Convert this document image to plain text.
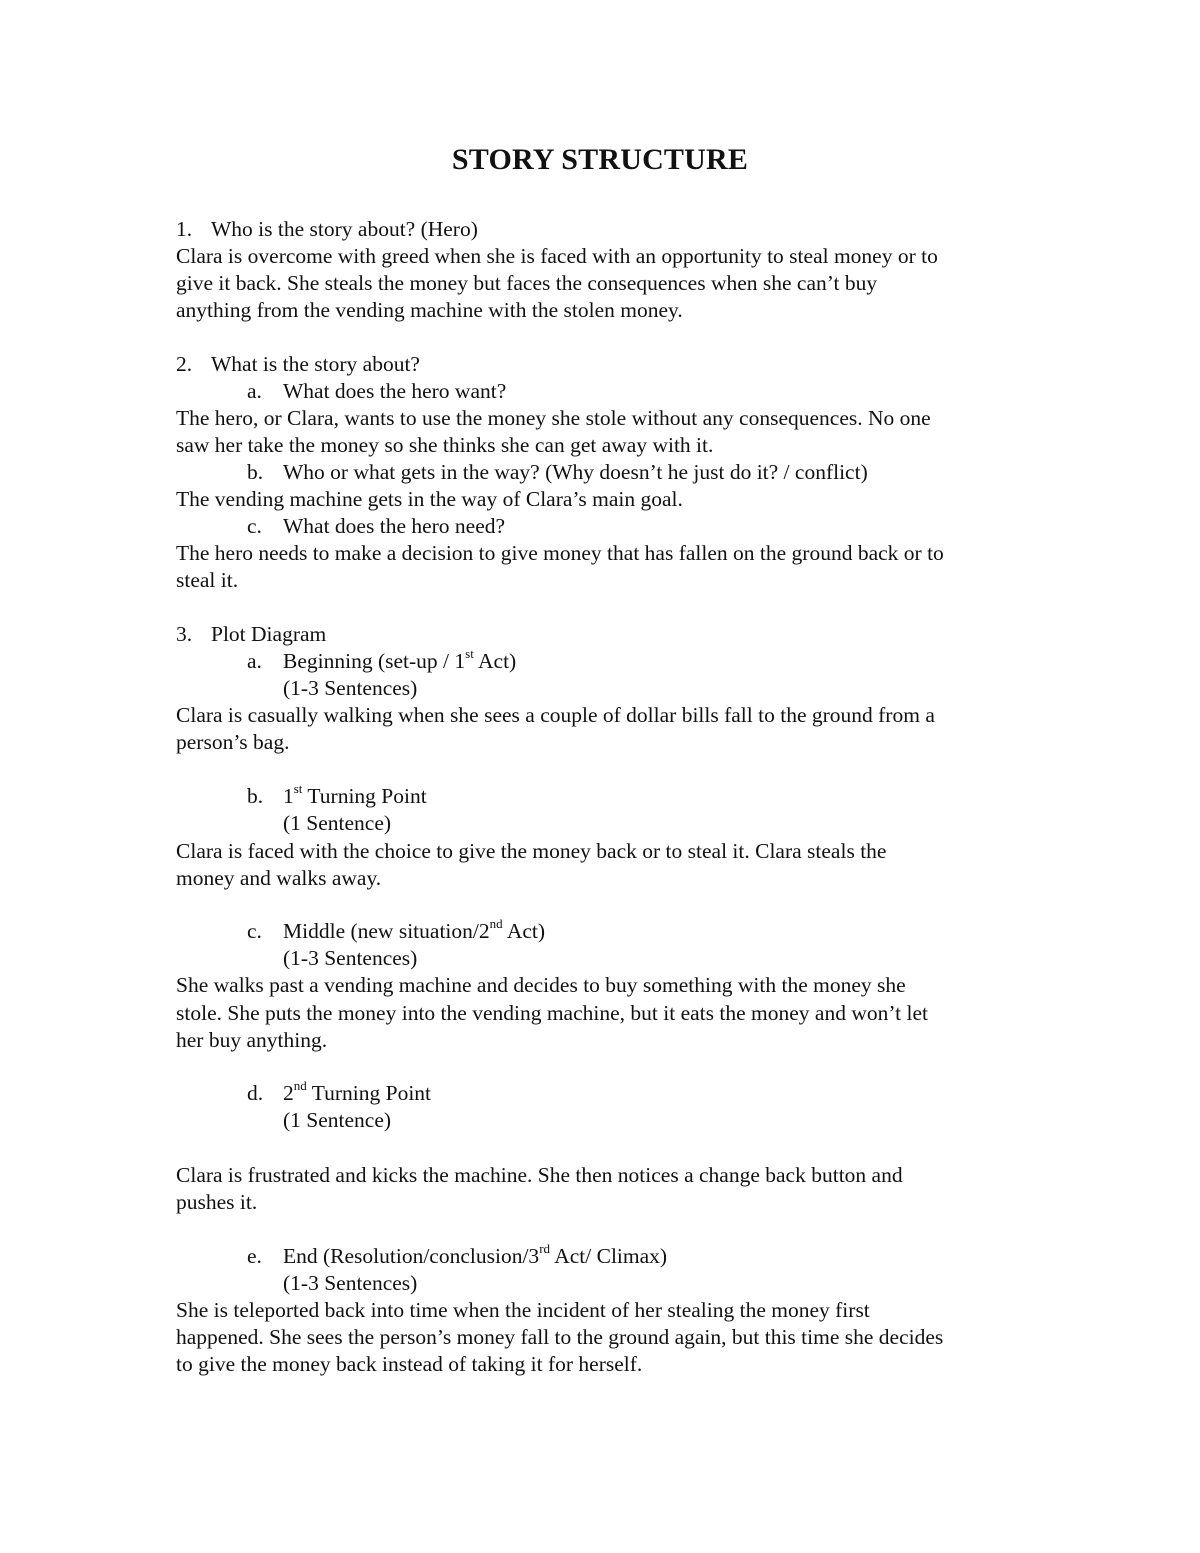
STORY STRUCTURE
1. Who is the story about? (Hero)
Clara is overcome with greed when she is faced with an opportunity to steal money or to
give it back. She steals the money but faces the consequences when she can’t buy
anything from the vending machine with the stolen money.
2. What is the story about?
a. What does the hero want?
The hero, or Clara, wants to use the money she stole without any consequences. No one
saw her take the money so she thinks she can get away with it.
b. Who or what gets in the way? (Why doesn’t he just do it? / conflict)
The vending machine gets in the way of Clara’s main goal.
c. What does the hero need?
The hero needs to make a decision to give money that has fallen on the ground back or to
steal it.
3. Plot Diagram
a. Beginning (set-up / 1st Act)
(1-3 Sentences)
Clara is casually walking when she sees a couple of dollar bills fall to the ground from a
person’s bag.
b. 1st Turning Point
(1 Sentence)
Clara is faced with the choice to give the money back or to steal it. Clara steals the
money and walks away.
c. Middle (new situation/2nd Act)
(1-3 Sentences)
She walks past a vending machine and decides to buy something with the money she
stole. She puts the money into the vending machine, but it eats the money and won’t let
her buy anything.
d. 2nd Turning Point
(1 Sentence)
Clara is frustrated and kicks the machine. She then notices a change back button and
pushes it.
e. End (Resolution/conclusion/3rd Act/ Climax)
(1-3 Sentences)
She is teleported back into time when the incident of her stealing the money first
happened. She sees the person’s money fall to the ground again, but this time she decides
to give the money back instead of taking it for herself.
